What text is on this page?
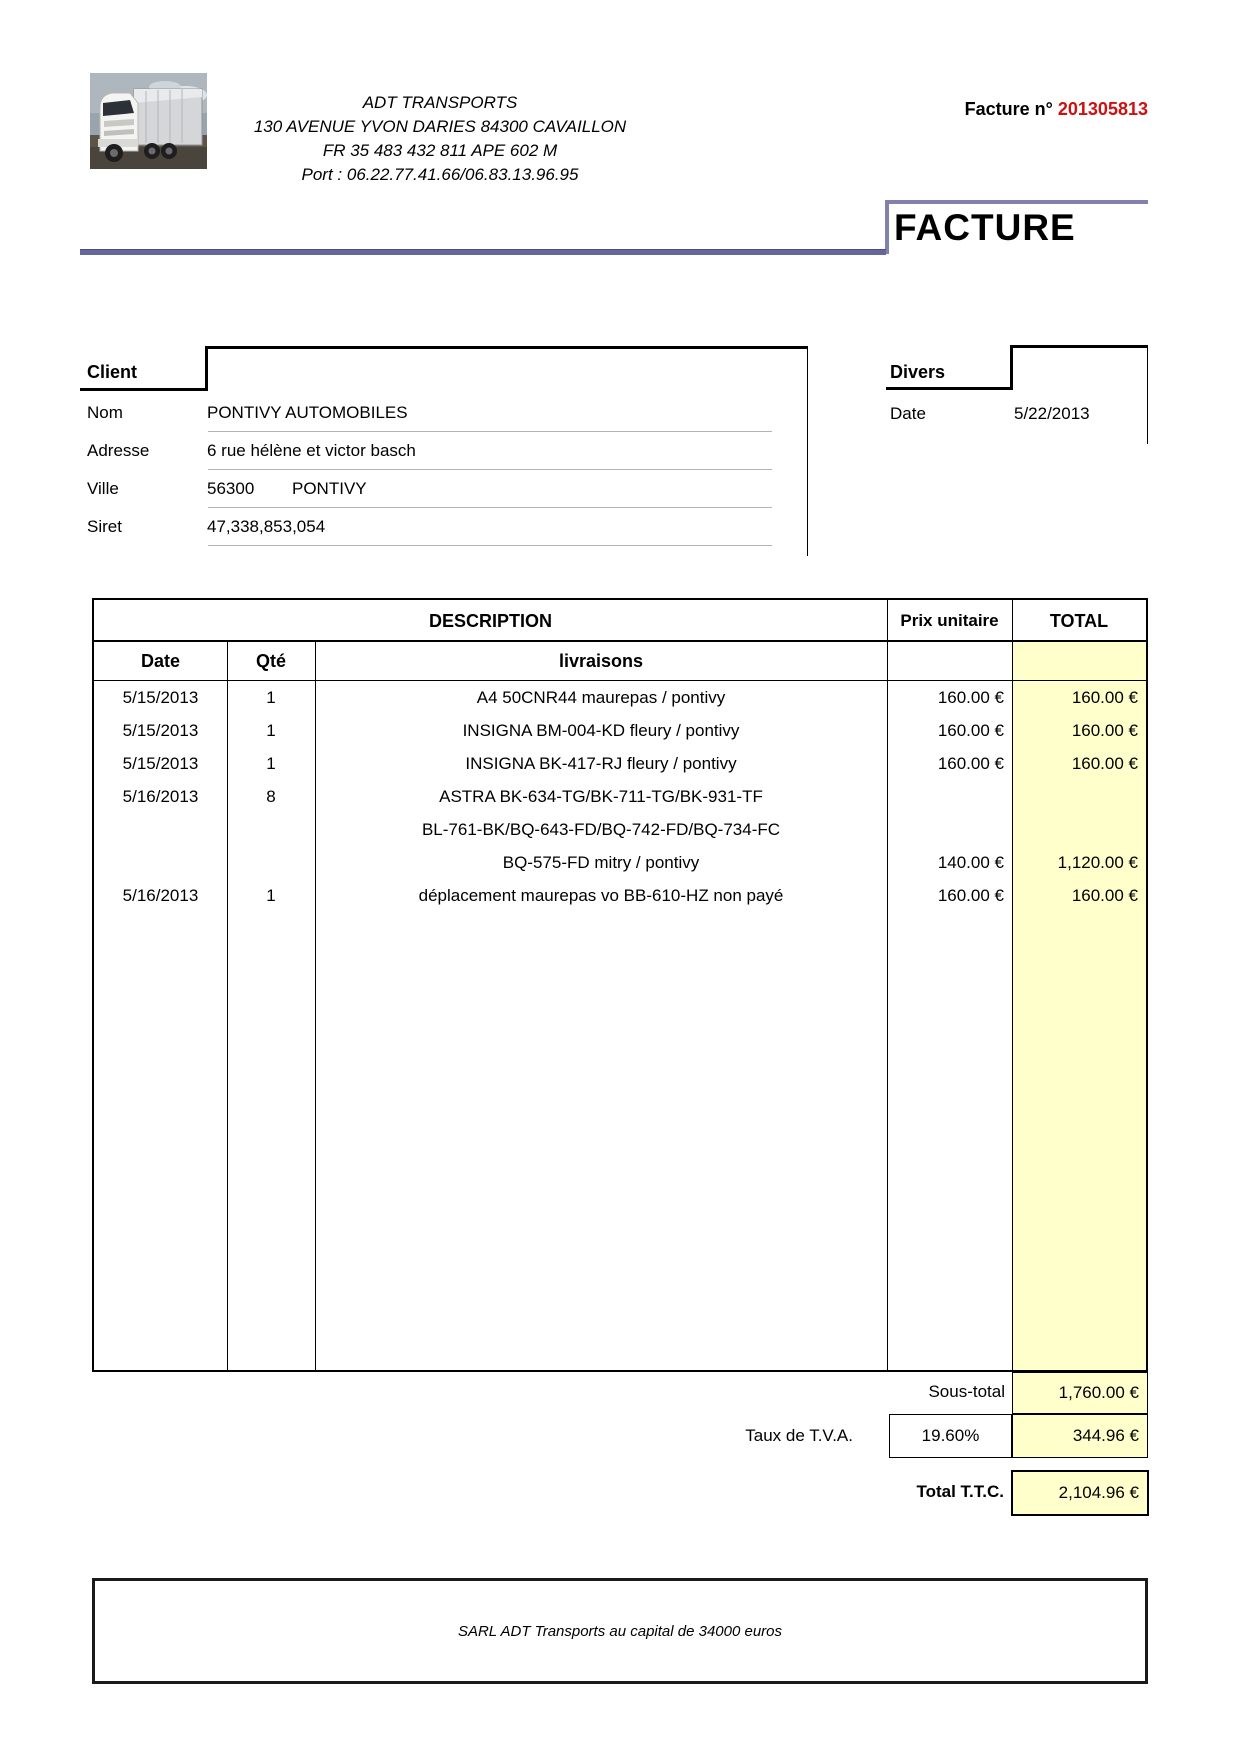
ADT TRANSPORTS
130 AVENUE YVON DARIES 84300 CAVAILLON
FR 35 483 432 811 APE 602 M
Port : 06.22.77.41.66/06.83.13.96.95
Facture n° 201305813
FACTURE
Client
Nom	PONTIVY AUTOMOBILES
Adresse	6 rue hélène et victor basch
Ville	56300 PONTIVY
Siret	47,338,853,054
Divers
Date	5/22/2013
DESCRIPTION	Prix unitaire	TOTAL
Date	Qté	livraisons
5/15/2013	1	A4 50CNR44 maurepas / pontivy	160.00 €	160.00 €
5/15/2013	1	INSIGNA BM-004-KD fleury / pontivy	160.00 €	160.00 €
5/15/2013	1	INSIGNA BK-417-RJ fleury / pontivy	160.00 €	160.00 €
5/16/2013	8	ASTRA BK-634-TG/BK-711-TG/BK-931-TF
BL-761-BK/BQ-643-FD/BQ-742-FD/BQ-734-FC
BQ-575-FD mitry / pontivy	140.00 €	1,120.00 €
5/16/2013	1	déplacement maurepas vo BB-610-HZ non payé	160.00 €	160.00 €
Sous-total	1,760.00 €
Taux de T.V.A.	19.60%	344.96 €
Total T.T.C.	2,104.96 €
SARL ADT Transports au capital de 34000 euros
